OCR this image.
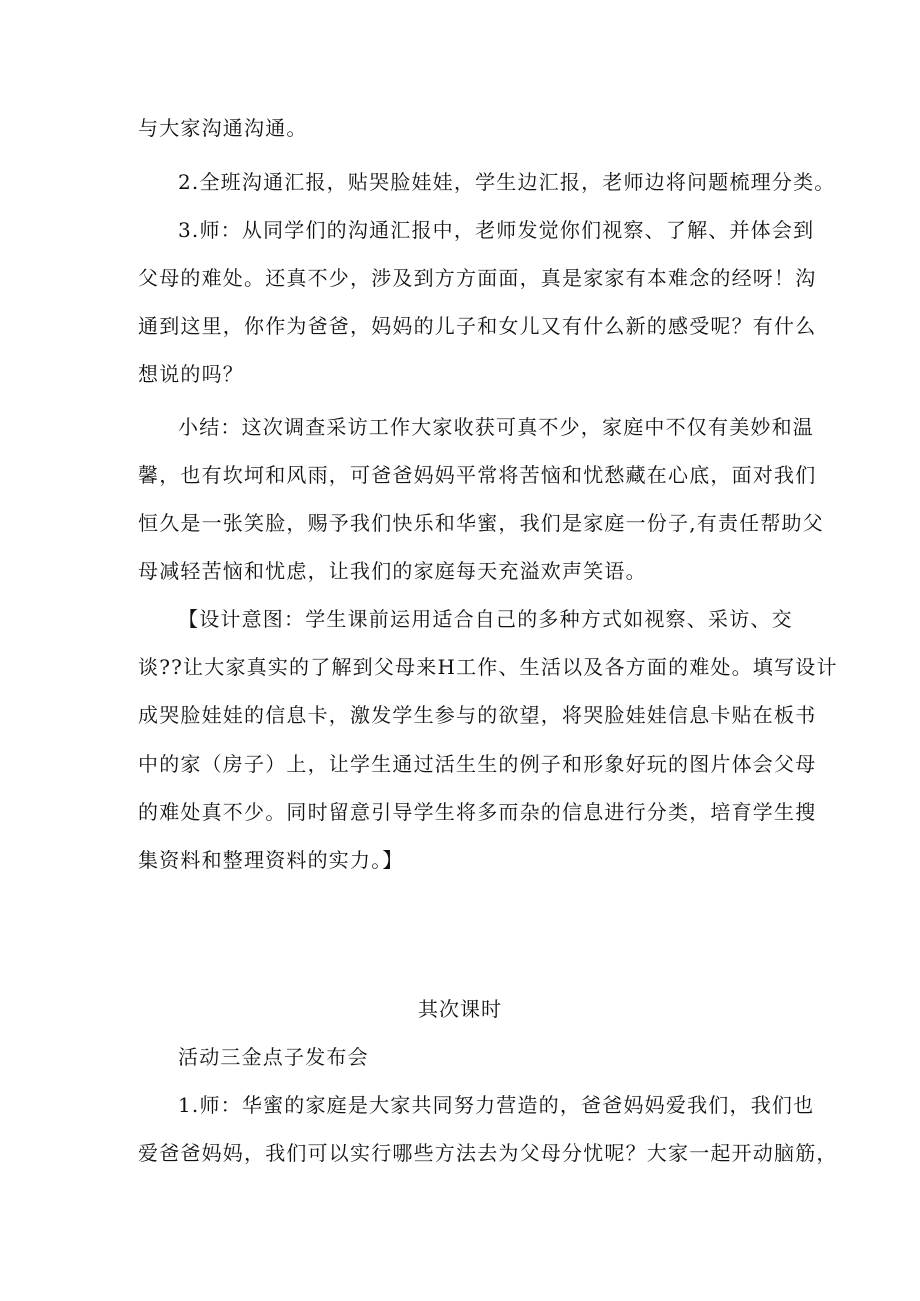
与大家沟通沟通。
2.全班沟通汇报，贴哭脸娃娃，学生边汇报，老师边将问题梳理分类。
3.师：从同学们的沟通汇报中，老师发觉你们视察、了解、并体会到
父母的难处。还真不少，涉及到方方面面，真是家家有本难念的经呀！沟
通到这里，你作为爸爸，妈妈的儿子和女儿又有什么新的感受呢？有什么
想说的吗？
小结：这次调查采访工作大家收获可真不少，家庭中不仅有美妙和温
馨，也有坎坷和风雨，可爸爸妈妈平常将苦恼和忧愁藏在心底，面对我们
恒久是一张笑脸，赐予我们快乐和华蜜，我们是家庭一份子,有责任帮助父
母减轻苦恼和忧虑，让我们的家庭每天充溢欢声笑语。
【设计意图：学生课前运用适合自己的多种方式如视察、采访、交
谈??让大家真实的了解到父母来H工作、生活以及各方面的难处。填写设计
成哭脸娃娃的信息卡，激发学生参与的欲望，将哭脸娃娃信息卡贴在板书
中的家（房子）上，让学生通过活生生的例子和形象好玩的图片体会父母
的难处真不少。同时留意引导学生将多而杂的信息进行分类，培育学生搜
集资料和整理资料的实力。】
其次课时
活动三金点子发布会
1.师：华蜜的家庭是大家共同努力营造的，爸爸妈妈爱我们，我们也
爱爸爸妈妈，我们可以实行哪些方法去为父母分忧呢？大家一起开动脑筋，
